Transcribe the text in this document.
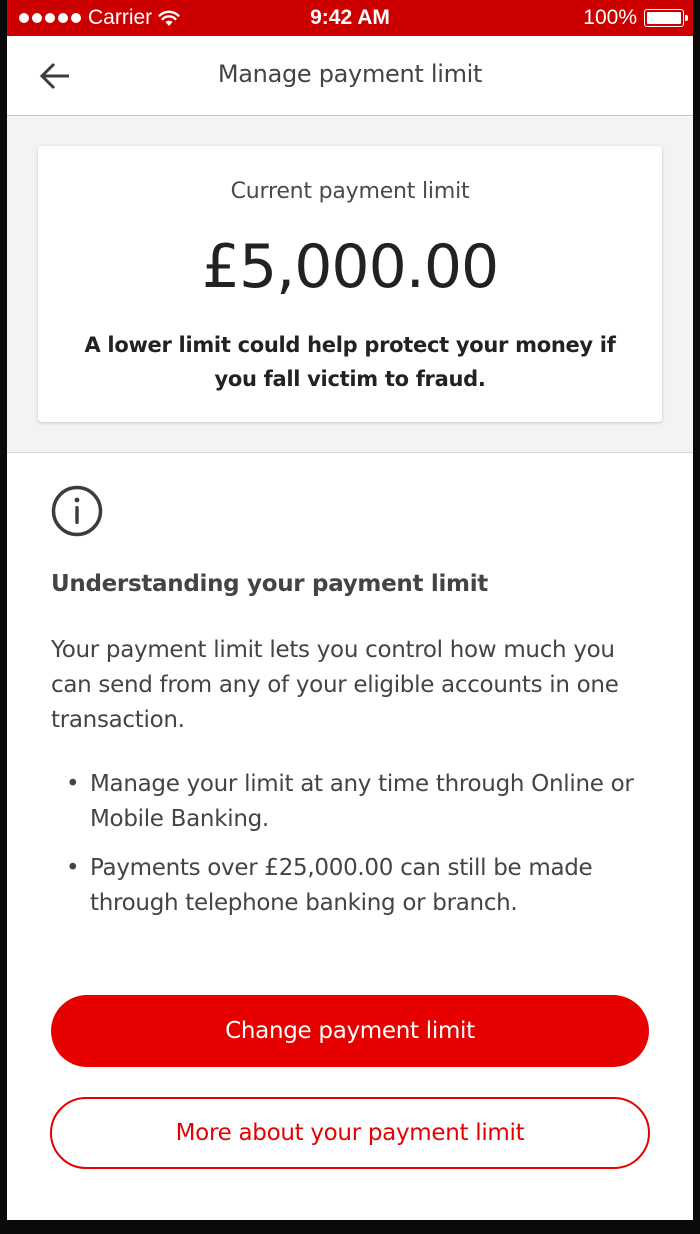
Carrier	9:42 AM	100%
Manage payment limit
Current payment limit
£5,000.00
A lower limit could help protect your money if you fall victim to fraud.
Understanding your payment limit
Your payment limit lets you control how much you can send from any of your eligible accounts in one transaction.
• Manage your limit at any time through Online or Mobile Banking.
• Payments over £25,000.00 can still be made through telephone banking or branch.
Change payment limit
More about your payment limit
